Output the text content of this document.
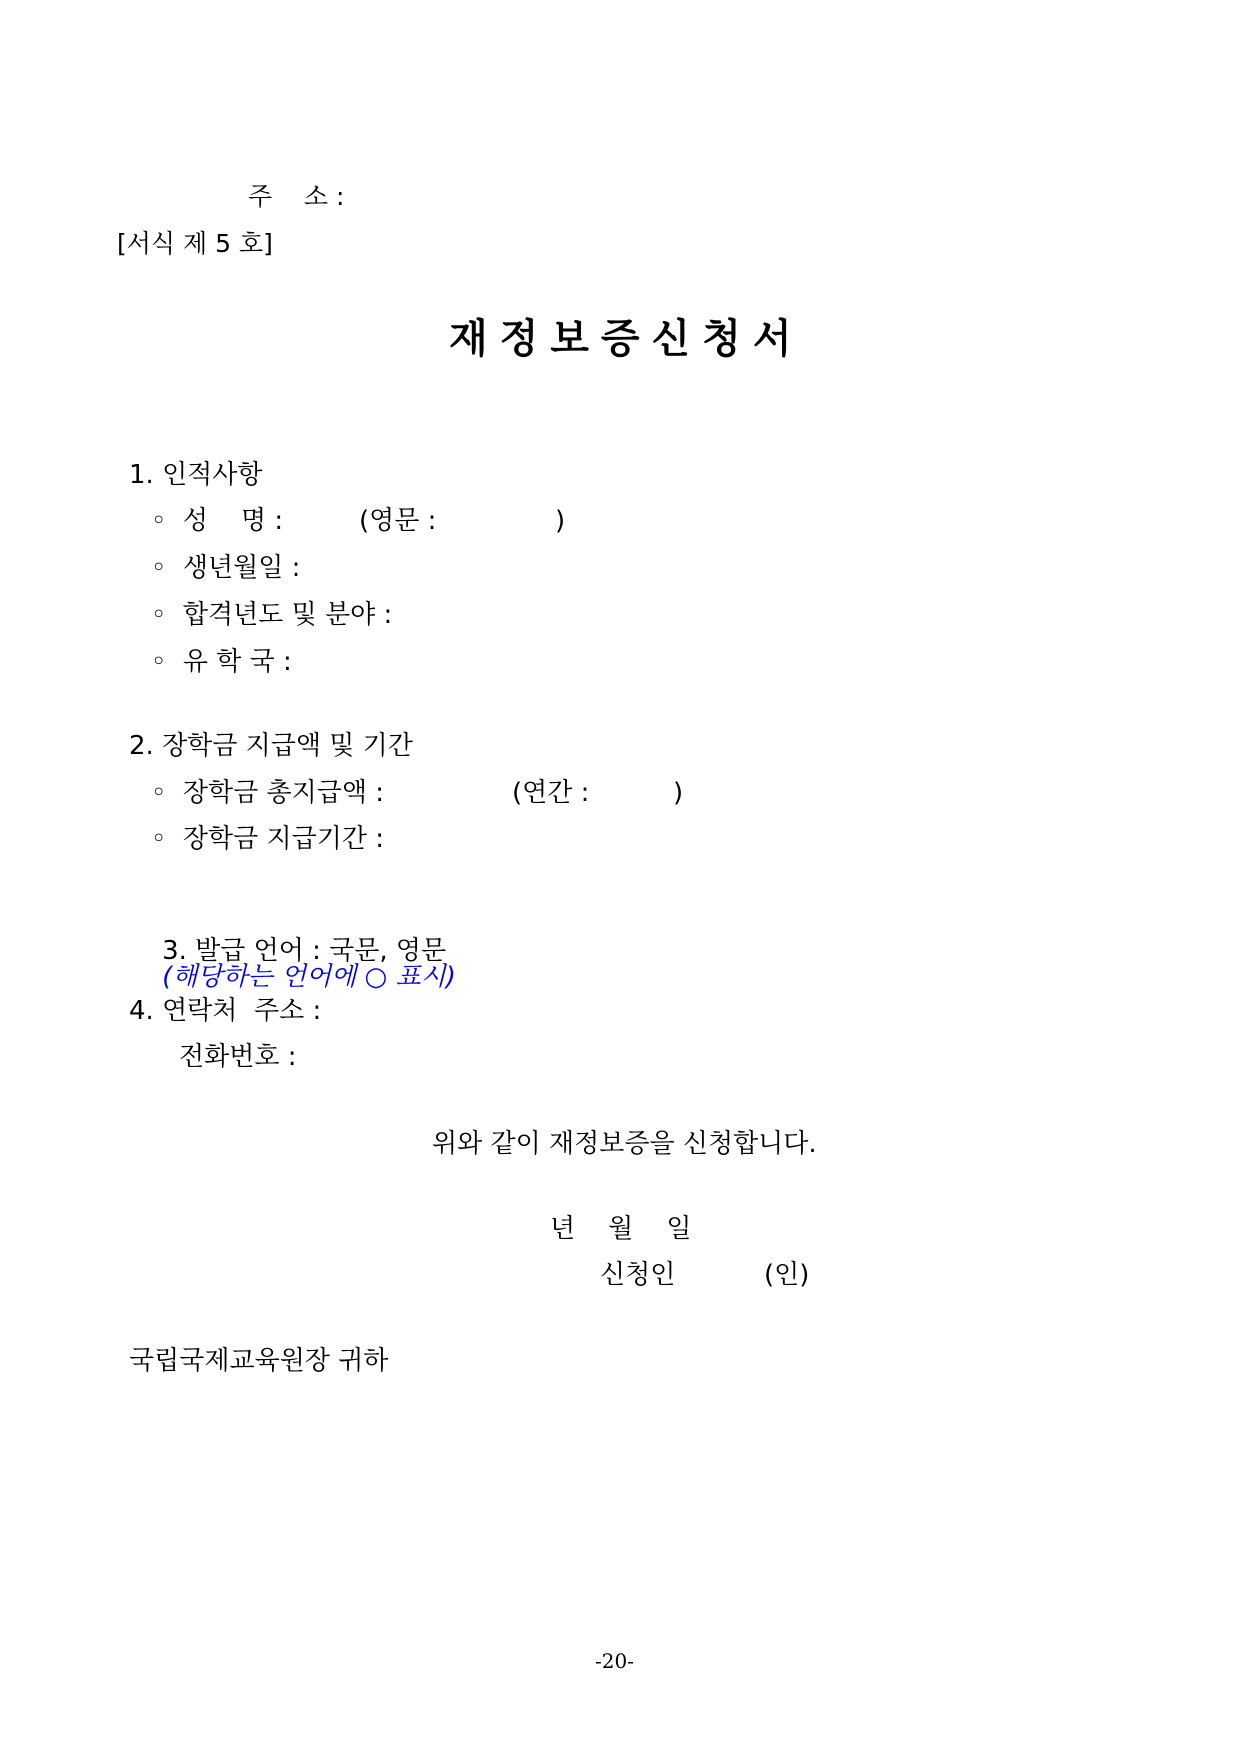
주    소 :
[서식 제 5 호]
재정보증신청서
1. 인적사항
◦  성    명 :	(영문 :	)
◦  생년월일 :
◦  합격년도 및 분야 :
◦  유 학 국 :
2. 장학금 지급액 및 기간
◦  장학금 총지급액 :	(연간 :	)
◦  장학금 지급기간 :

3. 발급 언어 : 국문, 영문
(해당하는 언어에 ○ 표시)

4. 연락처  주소 :
전화번호 :
위와 같이 재정보증을 신청합니다.
년    월    일
신청인	(인)
국립국제교육원장 귀하
-20-
